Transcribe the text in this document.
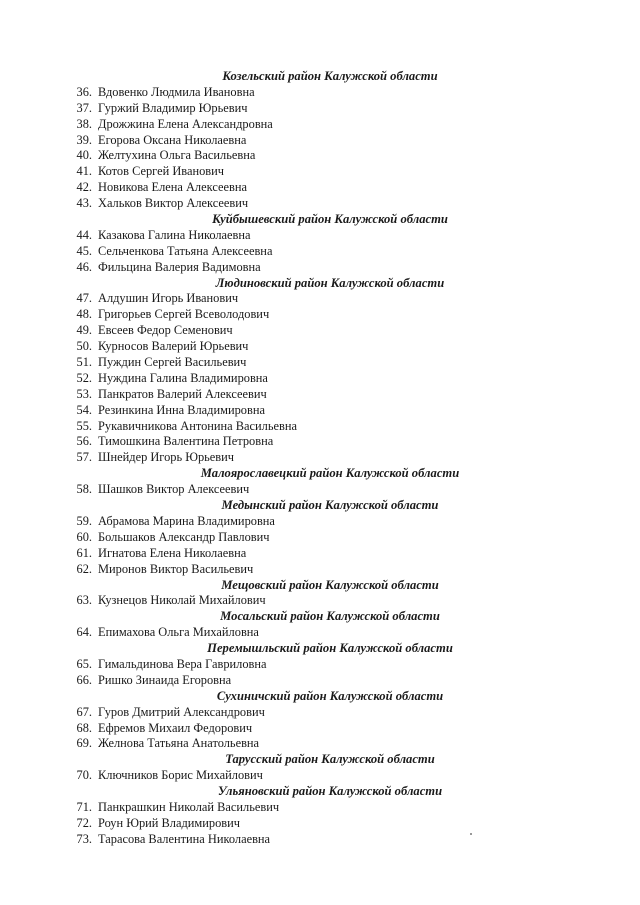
Козельский район Калужской области
36. Вдовенко Людмила Ивановна
37. Гуржий Владимир Юрьевич
38. Дрожжина Елена Александровна
39. Егорова Оксана Николаевна
40. Желтухина Ольга Васильевна
41. Котов Сергей Иванович
42. Новикова Елена Алексеевна
43. Хальков Виктор Алексеевич
Куйбышевский район Калужской области
44. Казакова Галина Николаевна
45. Сельченкова Татьяна Алексеевна
46. Фильцина Валерия Вадимовна
Людиновский район Калужской области
47. Алдушин Игорь Иванович
48. Григорьев Сергей Всеволодович
49. Евсеев Федор Семенович
50. Курносов Валерий Юрьевич
51. Пуждин Сергей Васильевич
52. Нуждина Галина Владимировна
53. Панкратов Валерий Алексеевич
54. Резинкина Инна Владимировна
55. Рукавичникова Антонина Васильевна
56. Тимошкина Валентина Петровна
57. Шнейдер Игорь Юрьевич
Малоярославецкий район Калужской области
58. Шашков Виктор Алексеевич
Медынский район Калужской области
59. Абрамова Марина Владимировна
60. Большаков Александр Павлович
61. Игнатова Елена Николаевна
62. Миронов Виктор Васильевич
Мещовский район Калужской области
63. Кузнецов Николай Михайлович
Мосальский район Калужской области
64. Епимахова Ольга Михайловна
Перемышльский район Калужской области
65. Гимальдинова Вера Гавриловна
66. Ришко Зинаида Егоровна
Сухиничский район Калужской области
67. Гуров Дмитрий Александрович
68. Ефремов Михаил Федорович
69. Желнова Татьяна Анатольевна
Тарусский район Калужской области
70. Ключников Борис Михайлович
Ульяновский район Калужской области
71. Панкрашкин Николай Васильевич
72. Роун Юрий Владимирович
73. Тарасова Валентина Николаевна
